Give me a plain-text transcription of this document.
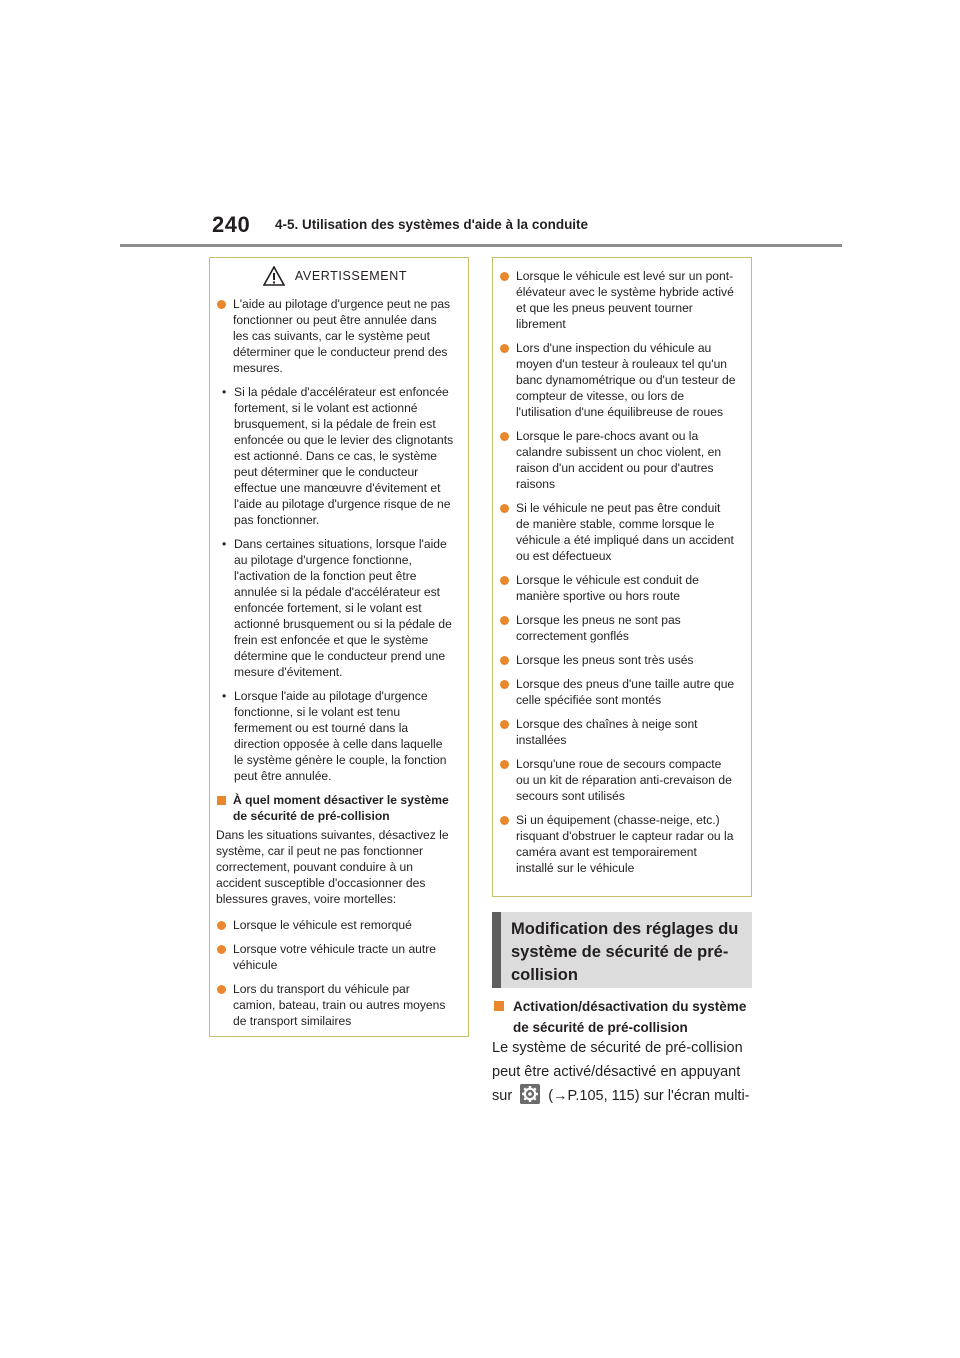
240 4-5. Utilisation des systèmes d'aide à la conduite
AVERTISSEMENT
L'aide au pilotage d'urgence peut ne pas fonctionner ou peut être annulée dans les cas suivants, car le système peut déterminer que le conducteur prend des mesures.
• Si la pédale d'accélérateur est enfoncée fortement, si le volant est actionné brusquement, si la pédale de frein est enfoncée ou que le levier des clignotants est actionné. Dans ce cas, le système peut déterminer que le conducteur effectue une manœuvre d'évitement et l'aide au pilotage d'urgence risque de ne pas fonctionner.
• Dans certaines situations, lorsque l'aide au pilotage d'urgence fonctionne, l'activation de la fonction peut être annulée si la pédale d'accélérateur est enfoncée fortement, si le volant est actionné brusquement ou si la pédale de frein est enfoncée et que le système détermine que le conducteur prend une mesure d'évitement.
• Lorsque l'aide au pilotage d'urgence fonctionne, si le volant est tenu fermement ou est tourné dans la direction opposée à celle dans laquelle le système génère le couple, la fonction peut être annulée.
À quel moment désactiver le système de sécurité de pré-collision
Dans les situations suivantes, désactivez le système, car il peut ne pas fonctionner correctement, pouvant conduire à un accident susceptible d'occasionner des blessures graves, voire mortelles:
Lorsque le véhicule est remorqué
Lorsque votre véhicule tracte un autre véhicule
Lors du transport du véhicule par camion, bateau, train ou autres moyens de transport similaires
Lorsque le véhicule est levé sur un pont-élévateur avec le système hybride activé et que les pneus peuvent tourner librement
Lors d'une inspection du véhicule au moyen d'un testeur à rouleaux tel qu'un banc dynamométrique ou d'un testeur de compteur de vitesse, ou lors de l'utilisation d'une équilibreuse de roues
Lorsque le pare-chocs avant ou la calandre subissent un choc violent, en raison d'un accident ou pour d'autres raisons
Si le véhicule ne peut pas être conduit de manière stable, comme lorsque le véhicule a été impliqué dans un accident ou est défectueux
Lorsque le véhicule est conduit de manière sportive ou hors route
Lorsque les pneus ne sont pas correctement gonflés
Lorsque les pneus sont très usés
Lorsque des pneus d'une taille autre que celle spécifiée sont montés
Lorsque des chaînes à neige sont installées
Lorsqu'une roue de secours compacte ou un kit de réparation anti-crevaison de secours sont utilisés
Si un équipement (chasse-neige, etc.) risquant d'obstruer le capteur radar ou la caméra avant est temporairement installé sur le véhicule
Modification des réglages du système de sécurité de pré-collision
Activation/désactivation du système de sécurité de pré-collision
Le système de sécurité de pré-collision peut être activé/désactivé en appuyant sur (→P.105, 115) sur l'écran multi-
